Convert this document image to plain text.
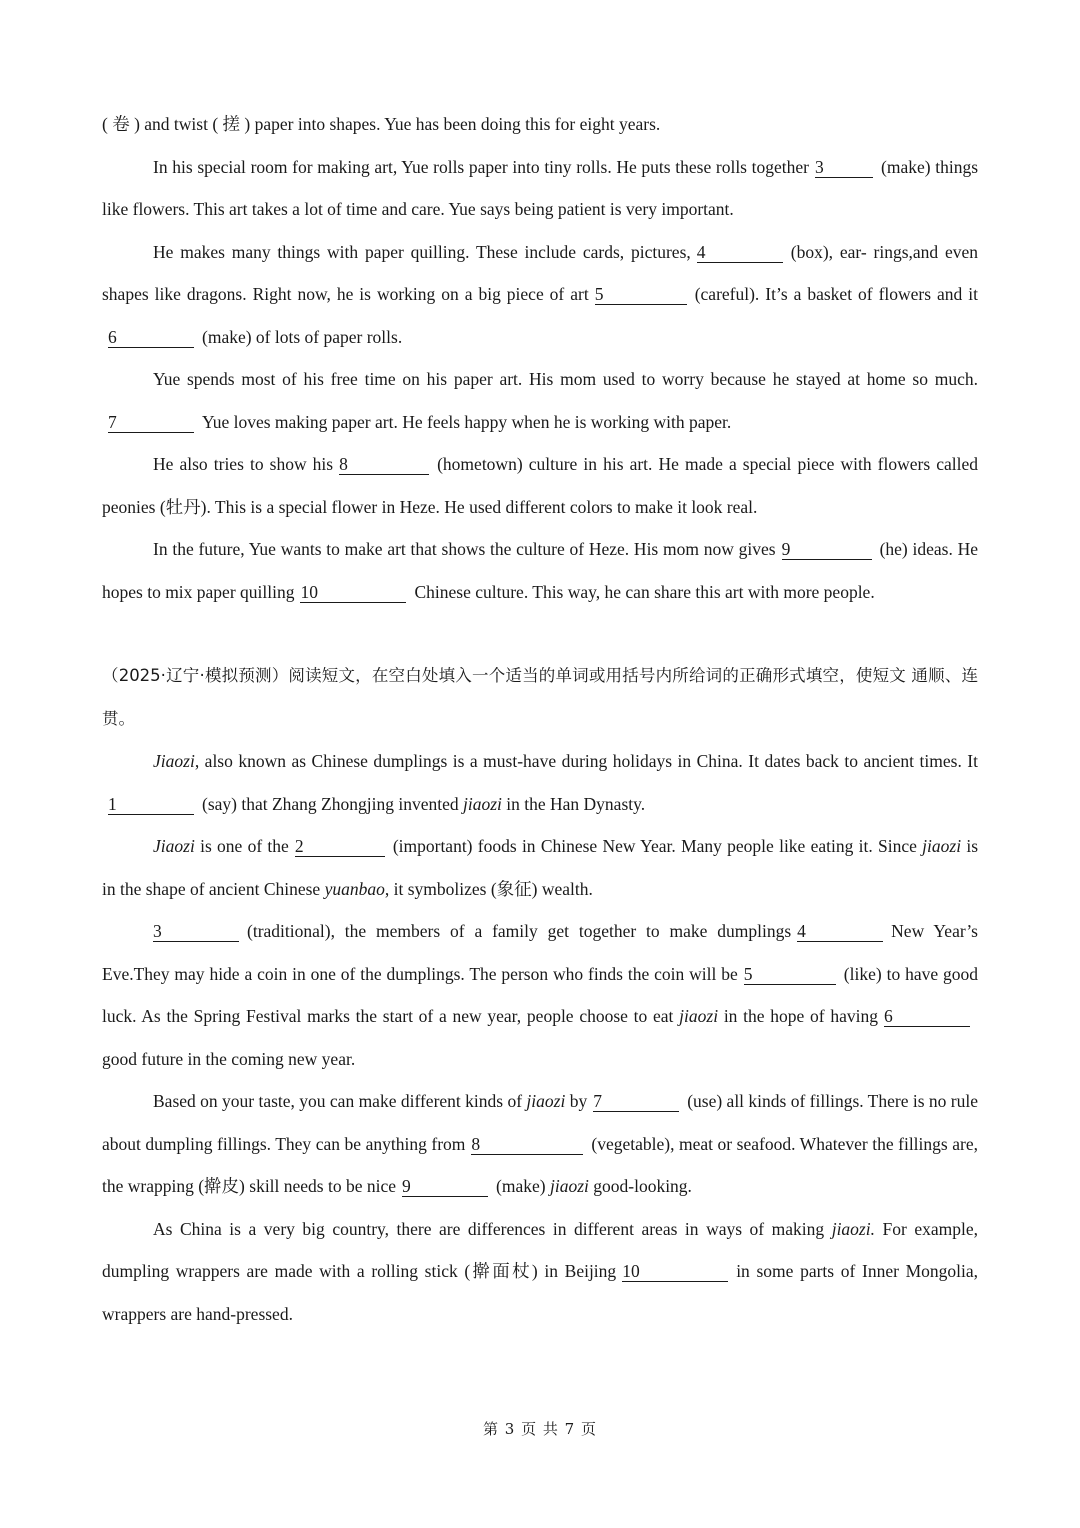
( 卷 ) and twist ( 搓 ) paper into shapes. Yue has been doing this for eight years.

In his special room for making art, Yue rolls paper into tiny rolls. He puts these rolls together 3	(make) things like flowers. This art takes a lot of time and care. Yue says being patient is very important.

He makes many things with paper quilling. These include cards, pictures, 4	(box), ear- rings,and even shapes like dragons. Right now, he is working on a big piece of art 5	(careful). It’s a basket of flowers and it6	(make) of lots of paper rolls.

Yue spends most of his free time on his paper art. His mom used to worry because he stayed at home so much.7	Yue loves making paper art. He feels happy when he is working with paper.

He also tries to show his 8	(hometown) culture in his art. He made a special piece with flowers called peonies (牡丹). This is a special flower in Heze. He used different colors to make it look real.

In the future, Yue wants to make art that shows the culture of Heze. His mom now gives 9	(he) ideas. He hopes to mix paper quilling 10	Chinese culture. This way, he can share this art with more people.

（2025·辽宁·模拟预测）阅读短文，在空白处填入一个适当的单词或用括号内所给词的正确形式填空，使短文 通顺、连贯。

Jiaozi, also known as Chinese dumplings is a must-have during holidays in China. It dates back to ancient times. It1	(say) that Zhang Zhongjing invented jiaozi in the Han Dynasty.

Jiaozi is one of the 2	(important) foods in Chinese New Year. Many people like eating it. Since jiaozi is in the shape of ancient Chinese yuanbao, it symbolizes (象征) wealth.

3	(traditional), the members of a family get together to make dumplings 4	New Year’s Eve.They may hide a coin in one of the dumplings. The person who finds the coin will be 5	(like) to have good luck. As the Spring Festival marks the start of a new year, people choose to eat jiaozi in the hope of having 6good future in the coming new year.

Based on your taste, you can make different kinds of jiaozi by 7	(use) all kinds of fillings. There is no rule about dumpling fillings. They can be anything from 8	(vegetable), meat or seafood. Whatever the fillings are, the wrapping (擀皮) skill needs to be nice 9	(make) jiaozi good-looking.

As China is a very big country, there are differences in different areas in ways of making jiaozi. For example, dumpling wrappers are made with a rolling stick (擀面杖) in Beijing 10	in some parts of Inner Mongolia, wrappers are hand-pressed.

第 3 页 共 7 页
